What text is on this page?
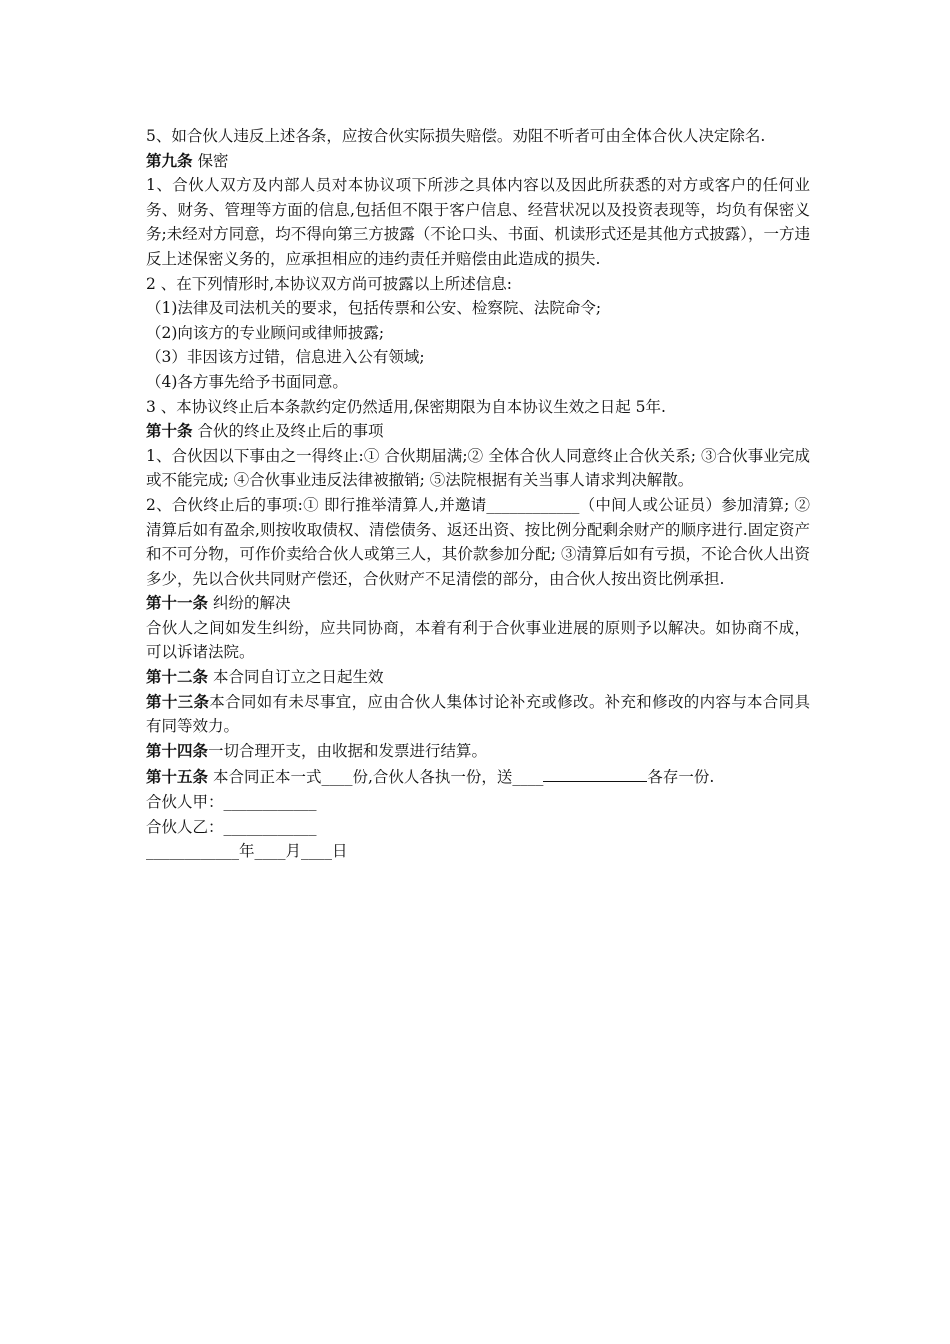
5、如合伙人违反上述各条，应按合伙实际损失赔偿。劝阻不听者可由全体合伙人决定除名.

第九条 保密

1、合伙人双方及内部人员对本协议项下所涉之具体内容以及因此所获悉的对方或客户的任何业务、财务、管理等方面的信息,包括但不限于客户信息、经营状况以及投资表现等，均负有保密义务;未经对方同意，均不得向第三方披露（不论口头、书面、机读形式还是其他方式披露），一方违反上述保密义务的，应承担相应的违约责任并赔偿由此造成的损失.

2 、在下列情形时,本协议双方尚可披露以上所述信息:

（1)法律及司法机关的要求，包括传票和公安、检察院、法院命令;

（2)向该方的专业顾问或律师披露;

（3）非因该方过错，信息进入公有领域;

（4)各方事先给予书面同意。

3 、本协议终止后本条款约定仍然适用,保密期限为自本协议生效之日起 5年.

第十条 合伙的终止及终止后的事项

1、合伙因以下事由之一得终止:① 合伙期届满;② 全体合伙人同意终止合伙关系; ③合伙事业完成或不能完成; ④合伙事业违反法律被撤销; ⑤法院根据有关当事人请求判决解散。

2、合伙终止后的事项:① 即行推举清算人,并邀请____________（中间人或公证员）参加清算; ②清算后如有盈余,则按收取债权、清偿债务、返还出资、按比例分配剩余财产的顺序进行.固定资产和不可分物，可作价卖给合伙人或第三人，其价款参加分配; ③清算后如有亏损，不论合伙人出资多少，先以合伙共同财产偿还，合伙财产不足清偿的部分，由合伙人按出资比例承担.

第十一条 纠纷的解决

合伙人之间如发生纠纷，应共同协商，本着有利于合伙事业进展的原则予以解决。如协商不成，可以诉诸法院。

第十二条 本合同自订立之日起生效

第十三条本合同如有未尽事宜，应由合伙人集体讨论补充或修改。补充和修改的内容与本合同具有同等效力。

第十四条一切合理开支，由收据和发票进行结算。

第十五条 本合同正本一式____份,合伙人各执一份，送____	各存一份.

合伙人甲：____________

合伙人乙：____________

____________年____月____日
